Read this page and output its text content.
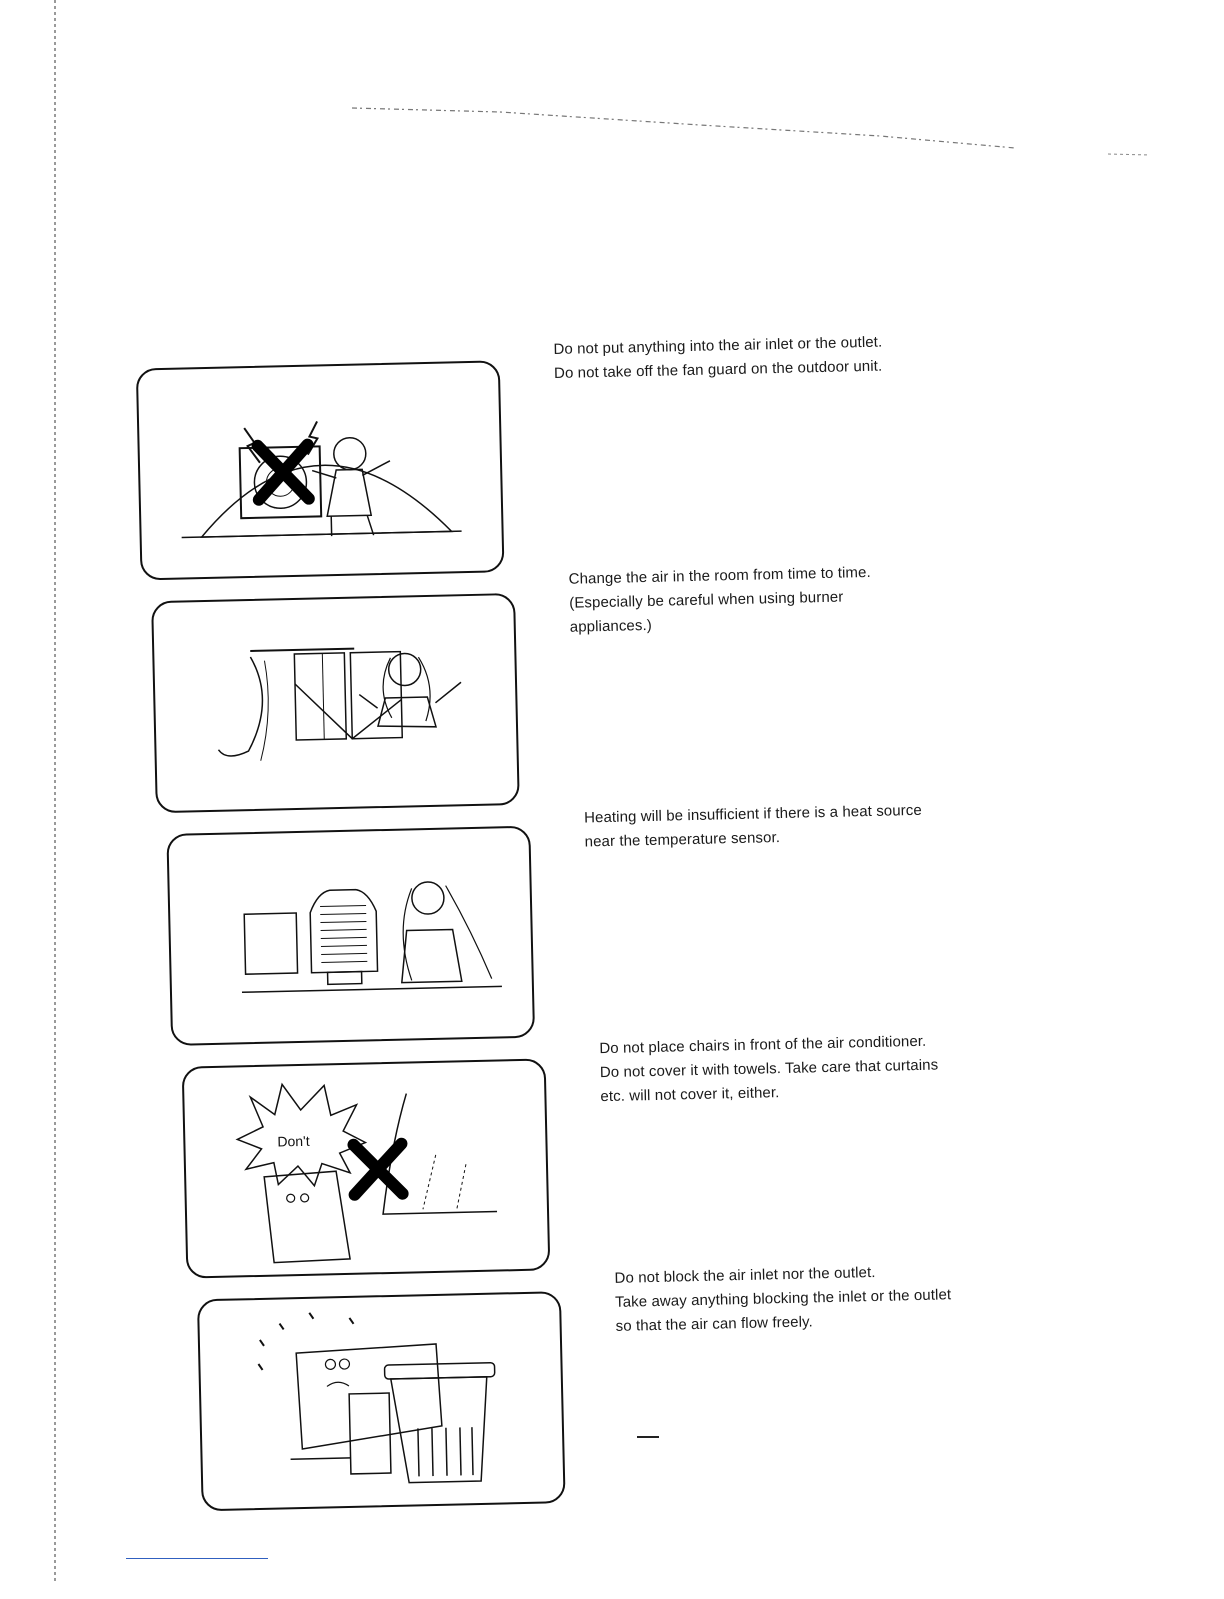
Do not put anything into the air inlet or the outlet.

Do not take off the fan guard on the outdoor unit.

Change the air in the room from time to time.

(Especially be careful when using burner

appliances.)

Heating will be insufficient if there is a heat source

near the temperature sensor.

Don't

Do not place chairs in front of the air conditioner.

Do not cover it with towels. Take care that curtains

etc. will not cover it, either.

Do not block the air inlet nor the outlet.

Take away anything blocking the inlet or the outlet

so that the air can flow freely.
